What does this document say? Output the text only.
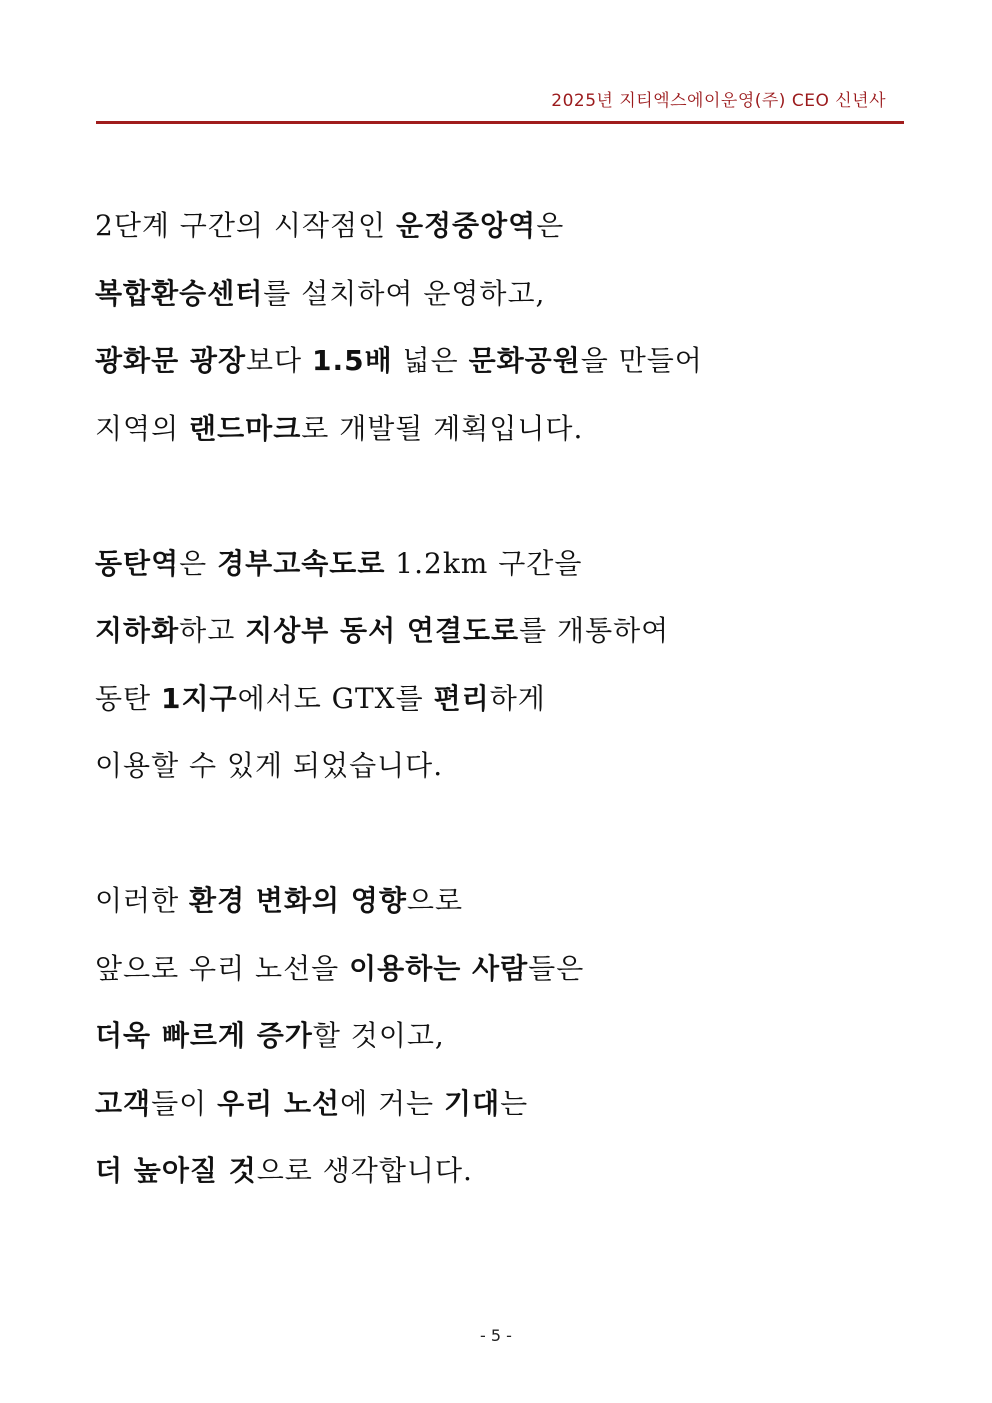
2025년 지티엑스에이운영(주) CEO 신년사
2단계 구간의 시작점인 운정중앙역은
복합환승센터를 설치하여 운영하고,
광화문 광장보다 1.5배 넓은 문화공원을 만들어
지역의 랜드마크로 개발될 계획입니다.
동탄역은 경부고속도로 1.2km 구간을
지하화하고 지상부 동서 연결도로를 개통하여
동탄 1지구에서도 GTX를 편리하게
이용할 수 있게 되었습니다.
이러한 환경 변화의 영향으로
앞으로 우리 노선을 이용하는 사람들은
더욱 빠르게 증가할 것이고,
고객들이 우리 노선에 거는 기대는
더 높아질 것으로 생각합니다.
- 5 -
